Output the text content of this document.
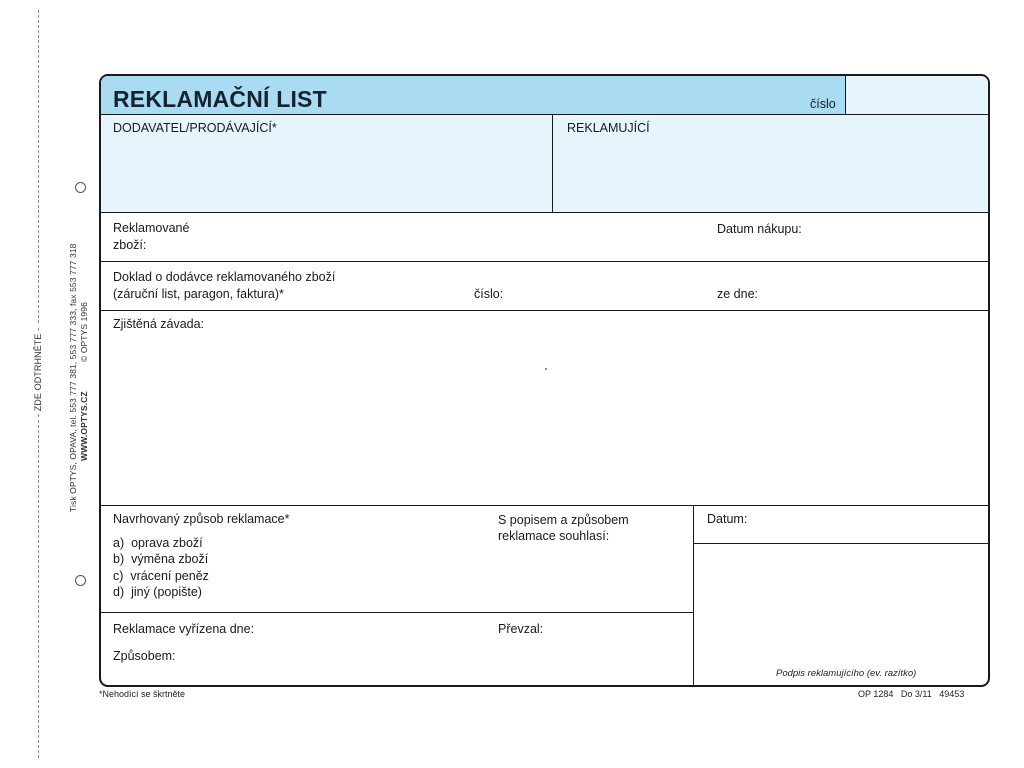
- ZDE ODTRHNĚTE -	Tisk OPTYS, OPAVA, tel. 553 777 381, 553 777 333, fax 553 777 318 WWW.OPTYS.CZ
© OPTYS 1996
REKLAMAČNÍ LIST	číslo
DODAVATEL/PRODÁVAJÍCÍ*	REKLAMUJÍCÍ
Reklamované
zboží:
Datum nákupu:
Doklad o dodávce reklamovaného zboží
(záruční list, paragon, faktura)*	číslo:	ze dne:
Zjištěná závada:
Navrhovaný způsob reklamace*
a) oprava zboží
b) výměna zboží
c) vrácení peněz
d) jiný (popište)
S popisem a způsobem
reklamace souhlasí:
Datum:
Podpis reklamujícího (ev. razítko)
Reklamace vyřízena dne:	Převzal:
Způsobem:
*Nehodící se škrtněte	OP 1284   Do 3/11   49453
